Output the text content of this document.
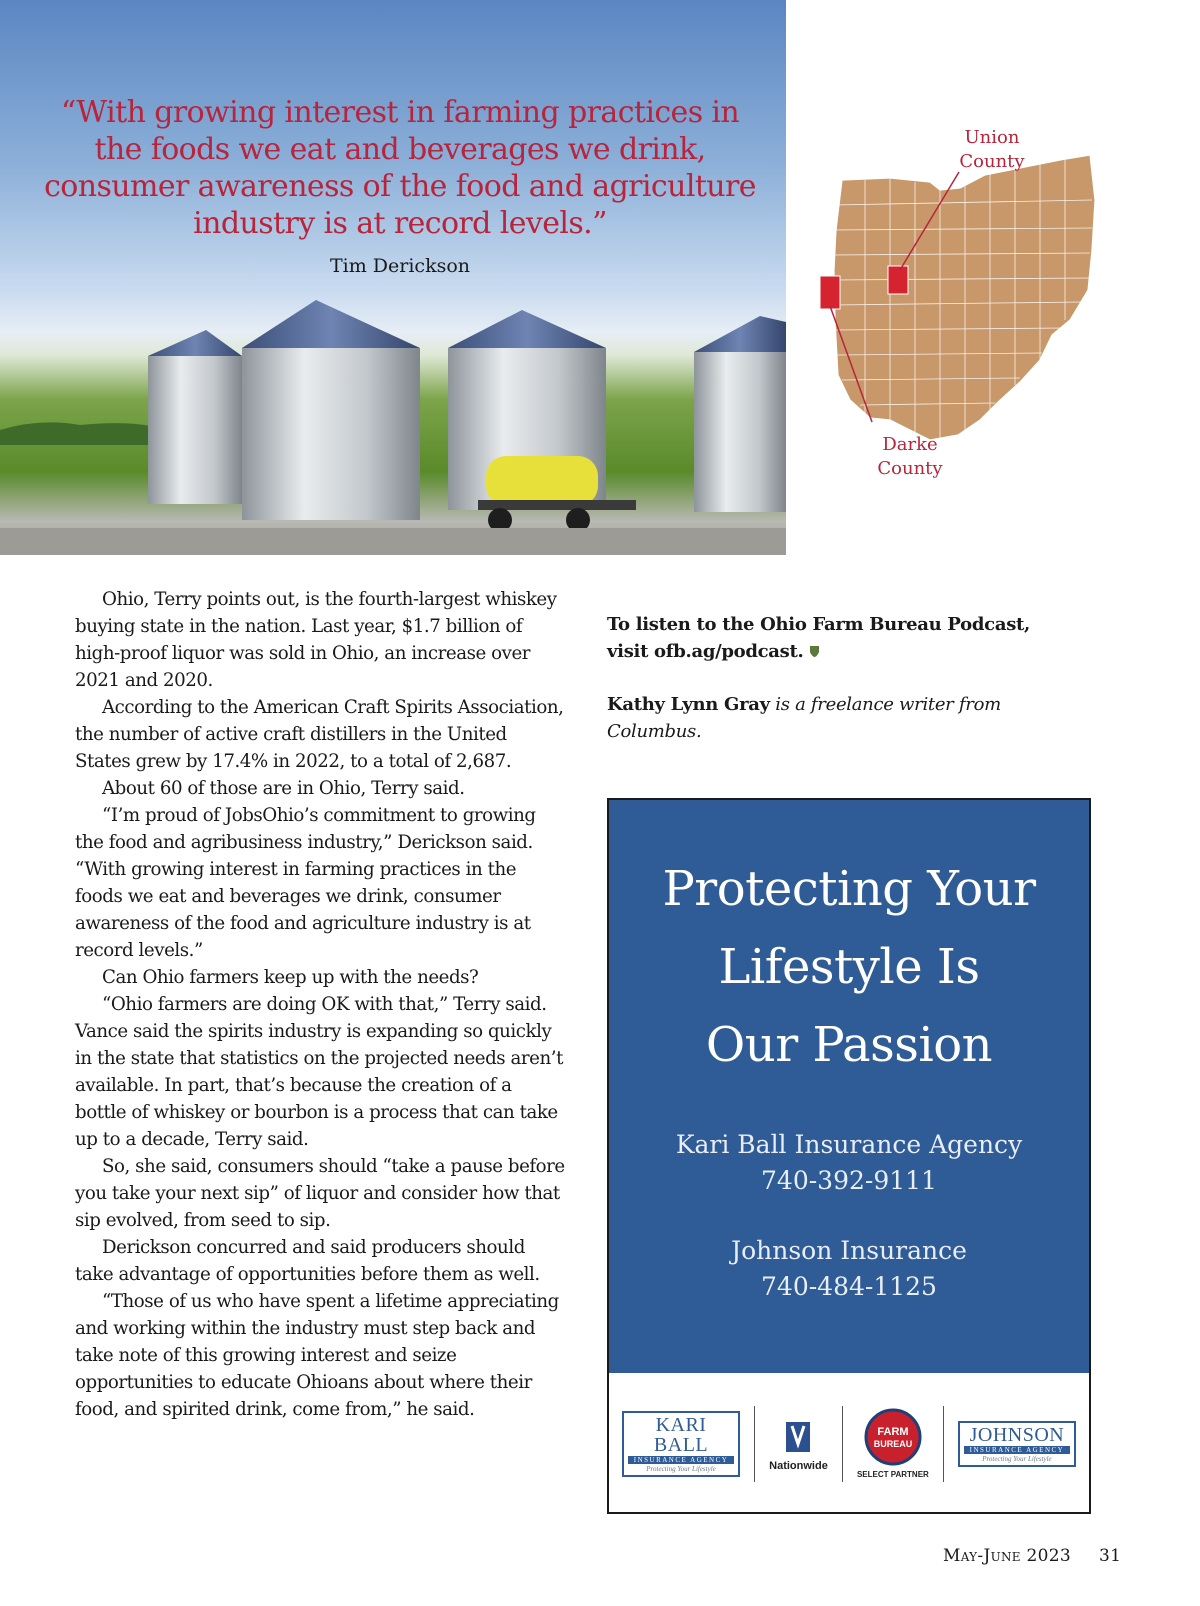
“With growing interest in farming practices in the foods we eat and beverages we drink, consumer awareness of the food and agriculture industry is at record levels.”
Tim Derickson
Union
County
Darke
County

Ohio, Terry points out, is the fourth-largest whiskey buying state in the nation. Last year, $1.7 billion of high-proof liquor was sold in Ohio, an increase over 2021 and 2020.

According to the American Craft Spirits Association, the number of active craft distillers in the United States grew by 17.4% in 2022, to a total of 2,687.

About 60 of those are in Ohio, Terry said.

“I’m proud of JobsOhio’s commitment to growing the food and agribusiness industry,” Derickson said. “With growing interest in farming practices in the foods we eat and beverages we drink, consumer awareness of the food and agriculture industry is at record levels.”

Can Ohio farmers keep up with the needs?

“Ohio farmers are doing OK with that,” Terry said. Vance said the spirits industry is expanding so quickly in the state that statistics on the projected needs aren’t available. In part, that’s because the creation of a bottle of whiskey or bourbon is a process that can take up to a decade, Terry said.

So, she said, consumers should “take a pause before you take your next sip” of liquor and consider how that sip evolved, from seed to sip.

Derickson concurred and said producers should take advantage of opportunities before them as well.

“Those of us who have spent a lifetime appreciating and working within the industry must step back and take note of this growing interest and seize opportunities to educate Ohioans about where their food, and spirited drink, come from,” he said.

To listen to the Ohio Farm Bureau Podcast, visit ofb.ag/podcast.
Kathy Lynn Gray is a freelance writer from Columbus.
Protecting Your
Lifestyle Is
Our Passion
Kari Ball Insurance Agency
740-392-9111
Johnson Insurance
740-484-1125
KARI BALL
INSURANCE AGENCY
Protecting Your Lifestyle	Nationwide
FARM
BUREAU
SELECT PARTNER
JOHNSON
INSURANCE AGENCY
Protecting Your Lifestyle
May-June 2023 31
